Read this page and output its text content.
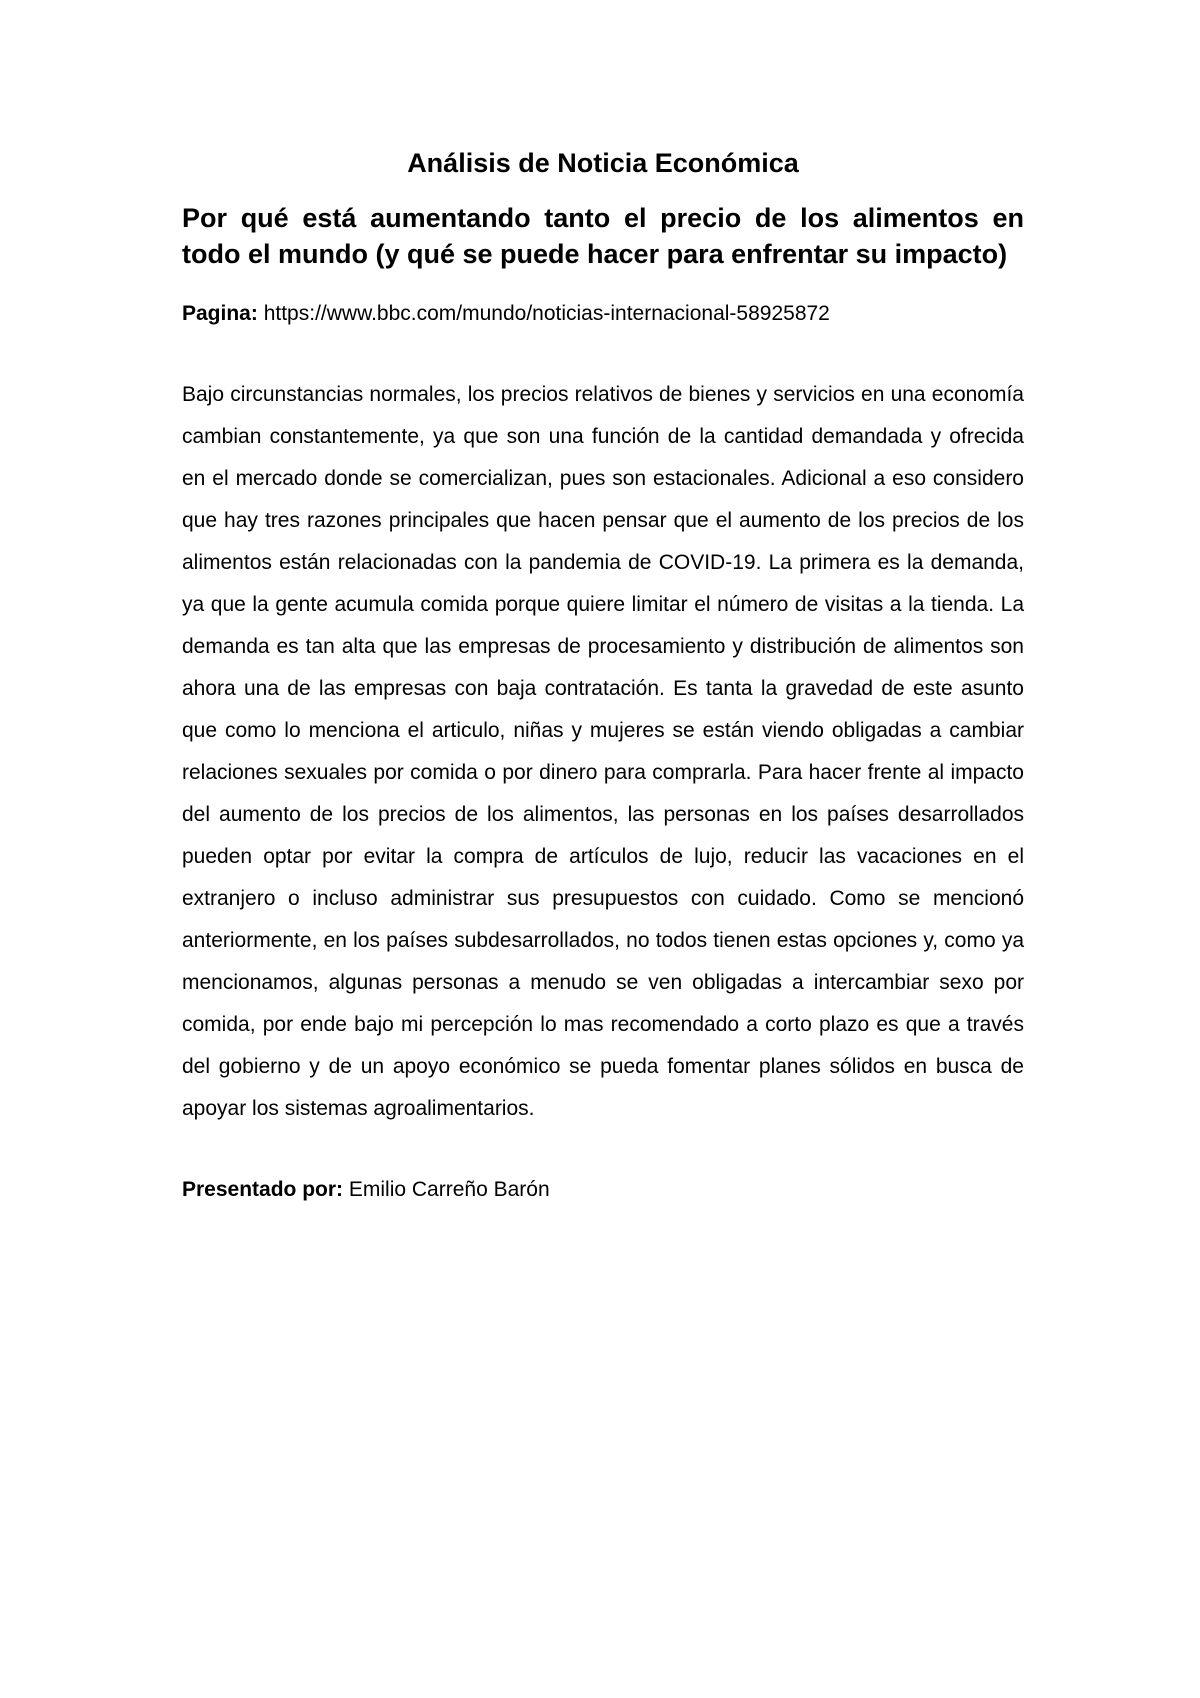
Análisis de Noticia Económica
Por qué está aumentando tanto el precio de los alimentos en todo el mundo (y qué se puede hacer para enfrentar su impacto)

Pagina: https://www.bbc.com/mundo/noticias-internacional-58925872

Bajo circunstancias normales, los precios relativos de bienes y servicios en una economía cambian constantemente, ya que son una función de la cantidad demandada y ofrecida en el mercado donde se comercializan, pues son estacionales. Adicional a eso considero que hay tres razones principales que hacen pensar que el aumento de los precios de los alimentos están relacionadas con la pandemia de COVID-19. La primera es la demanda, ya que la gente acumula comida porque quiere limitar el número de visitas a la tienda. La demanda es tan alta que las empresas de procesamiento y distribución de alimentos son ahora una de las empresas con baja contratación. Es tanta la gravedad de este asunto que como lo menciona el articulo, niñas y mujeres se están viendo obligadas a cambiar relaciones sexuales por comida o por dinero para comprarla. Para hacer frente al impacto del aumento de los precios de los alimentos, las personas en los países desarrollados pueden optar por evitar la compra de artículos de lujo, reducir las vacaciones en el extranjero o incluso administrar sus presupuestos con cuidado. Como se mencionó anteriormente, en los países subdesarrollados, no todos tienen estas opciones y, como ya mencionamos, algunas personas a menudo se ven obligadas a intercambiar sexo por comida, por ende bajo mi percepción lo mas recomendado a corto plazo es que a través del gobierno y de un apoyo económico se pueda fomentar planes sólidos en busca de apoyar los sistemas agroalimentarios.

Presentado por: Emilio Carreño Barón
